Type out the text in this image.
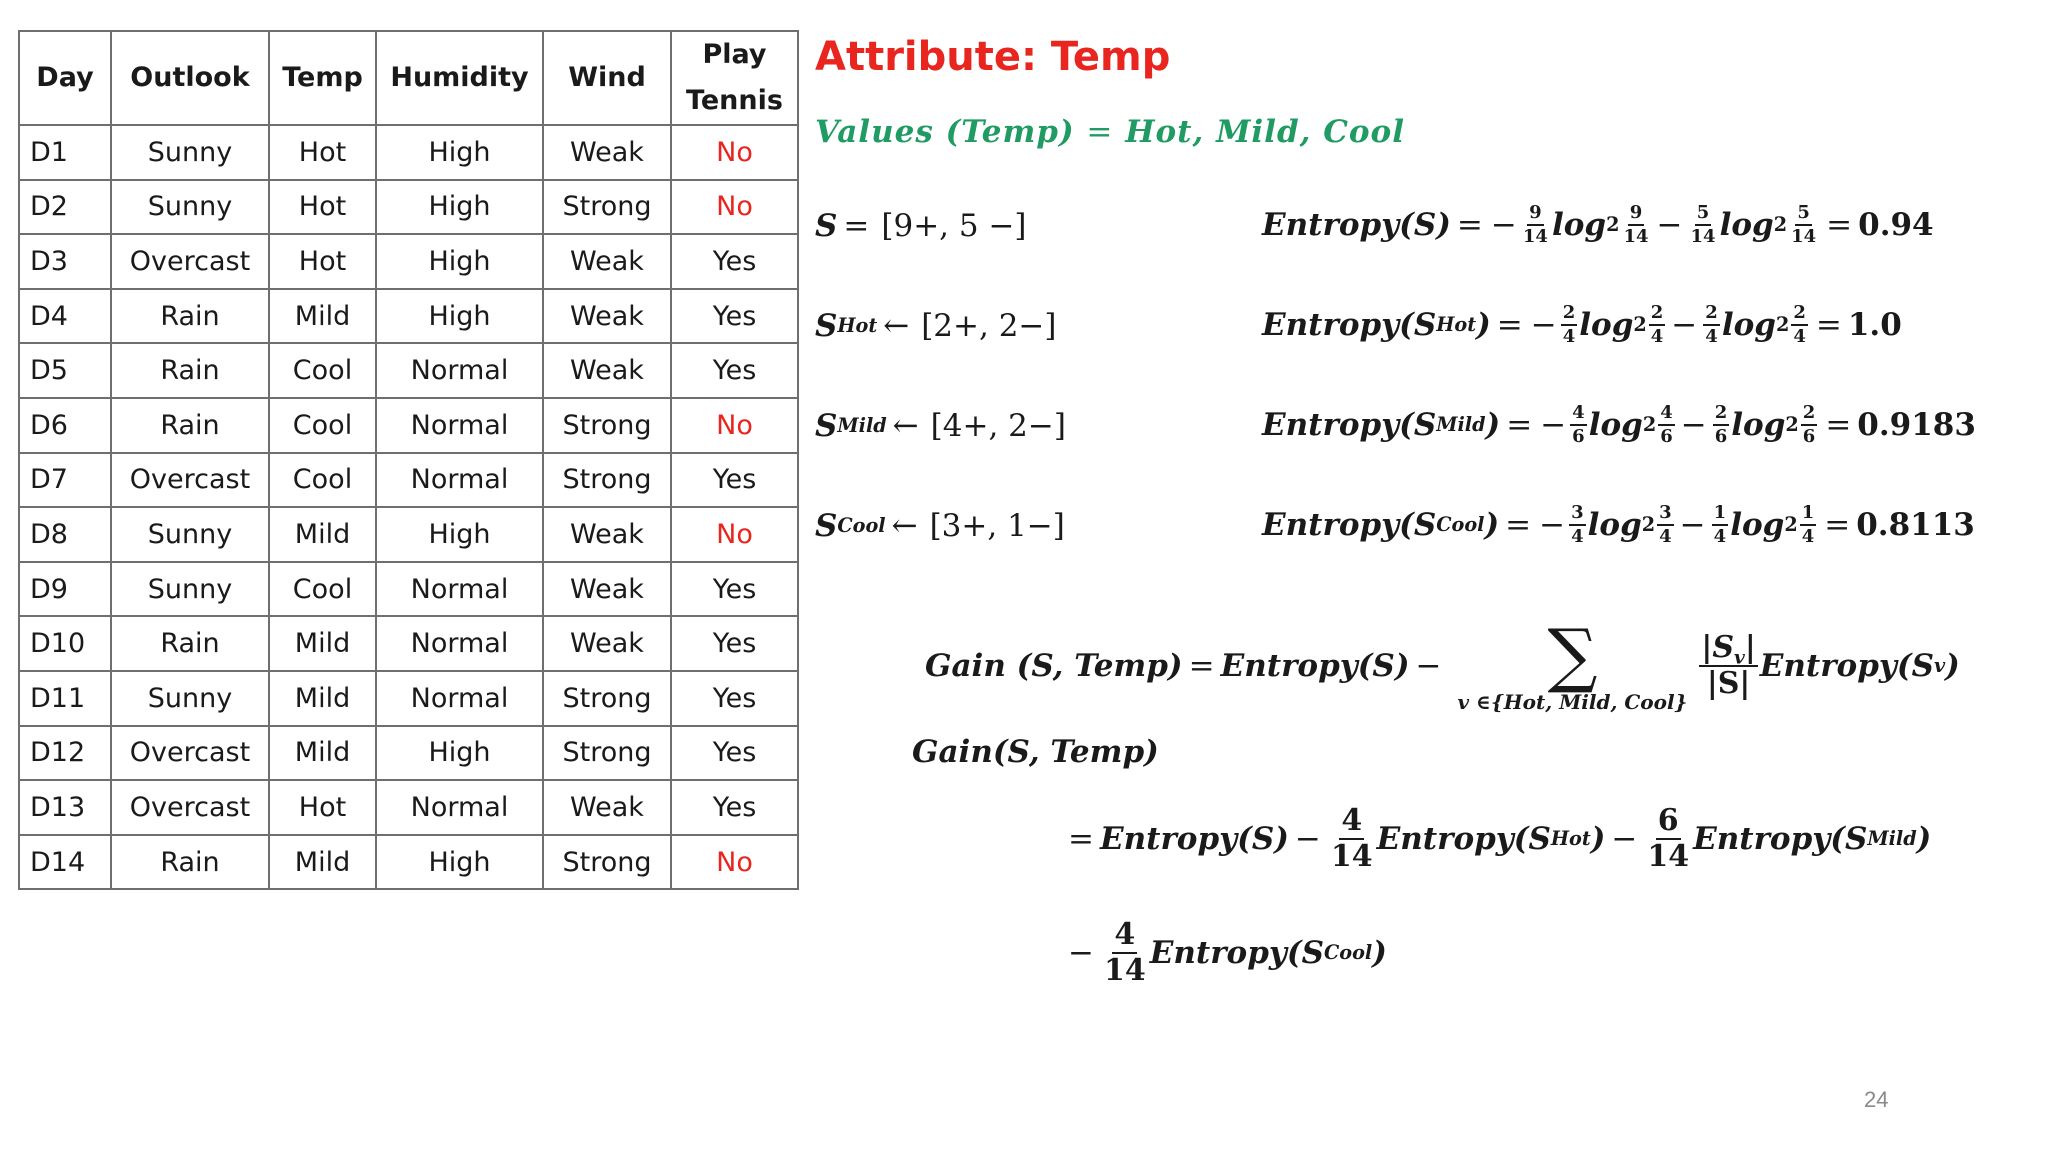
Day	Outlook	Temp	Humidity	Wind	Play
Tennis
D1	Sunny	Hot	High	Weak	No
D2	Sunny	Hot	High	Strong	No
D3	Overcast	Hot	High	Weak	Yes
D4	Rain	Mild	High	Weak	Yes
D5	Rain	Cool	Normal	Weak	Yes
D6	Rain	Cool	Normal	Strong	No
D7	Overcast	Cool	Normal	Strong	Yes
D8	Sunny	Mild	High	Weak	No
D9	Sunny	Cool	Normal	Weak	Yes
D10	Rain	Mild	Normal	Weak	Yes
D11	Sunny	Mild	Normal	Strong	Yes
D12	Overcast	Mild	High	Strong	Yes
D13	Overcast	Hot	Normal	Weak	Yes
D14	Rain	Mild	High	Strong	No
Attribute: Temp
Values (Temp) = Hot, Mild, Cool
S = [9+, 5 −]
S Hot ← [2+, 2−]
S Mild ← [4+, 2−]
S Cool ← [3+, 1−]
Entropy(S) = − $\frac{9}{14}$ $\log 2 \frac{9}{14} - \frac{5}{14}$ $\log 2 \frac{5}{14} = 0.94$
Entropy(S Hot ) = − $\frac{2}{4}$ $\log 2 \frac{2}{4} - \frac{2}{4}$ $\log 2 \frac{2}{4} = 1.0$
Entropy(S Mild ) = − $\frac{4}{6}$ $\log 2 \frac{4}{6} - \frac{2}{6}$ $\log 2 \frac{2}{6} = 0.9183$
Entropy(S Cool ) = − $\frac{3}{4}$ $\log 2 \frac{3}{4} - \frac{1}{4}$ $\log 2 \frac{1}{4} = 0.8113$
Gain (S, Temp) = Entropy(S) − ∑
v ∈{Hot, Mild, Cool}
$\frac{|S_v|}{|S|}$ Entropy(S v )
Gain(S, Temp)
= Entropy(S) − $\frac{4}{14}$ Entropy(S Hot ) − $\frac{6}{14}$ Entropy(S Mild )
− $\frac{4}{14}$ Entropy(S Cool )
24
